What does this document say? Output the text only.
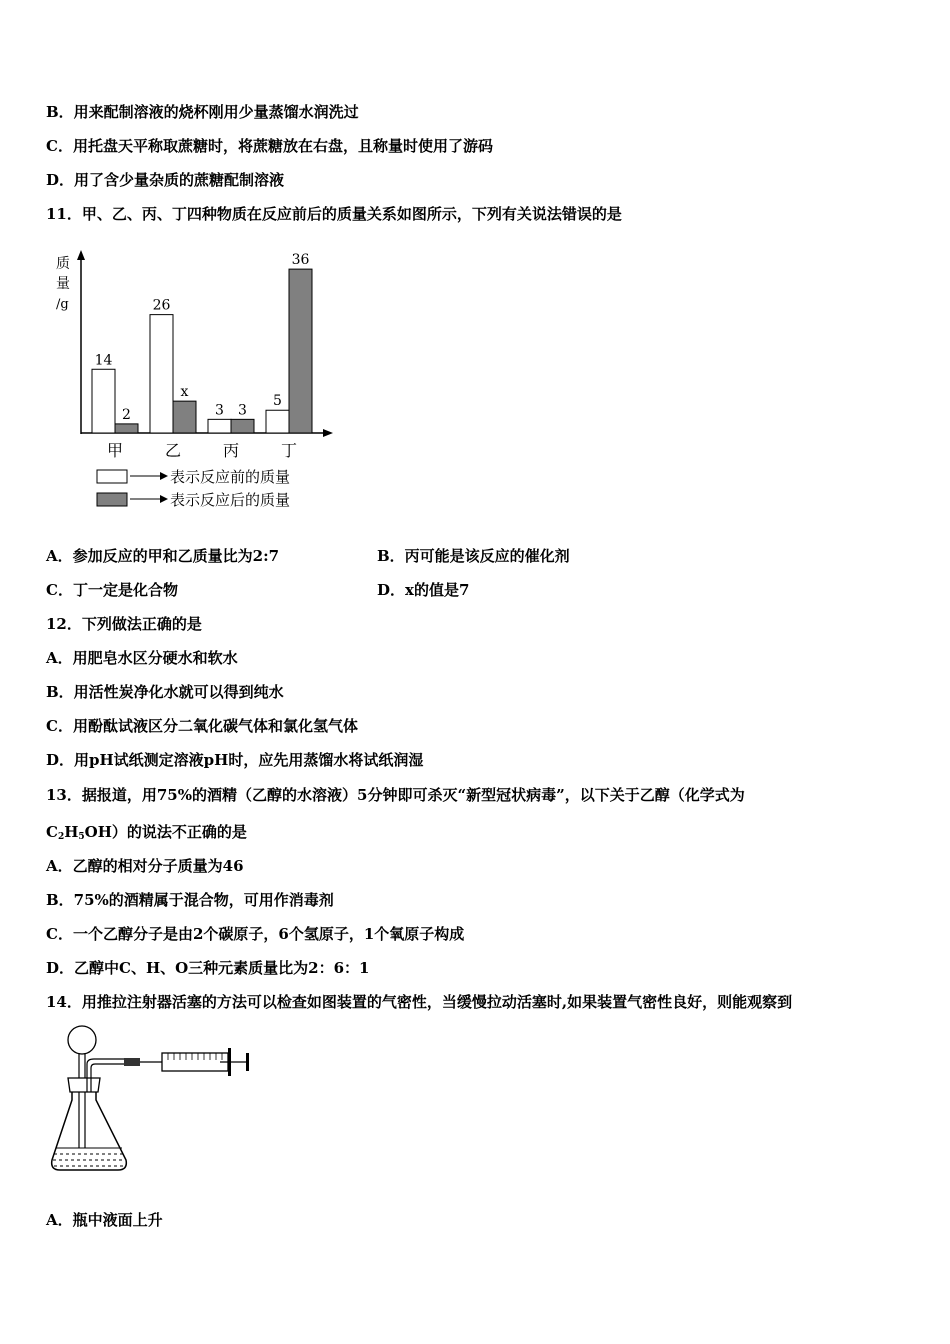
B．用来配制溶液的烧杯刚用少量蒸馏水润洗过
C．用托盘天平称取蔗糖时，将蔗糖放在右盘，且称量时使用了游码
D．用了含少量杂质的蔗糖配制溶液
11．甲、乙、丙、丁四种物质在反应前后的质量关系如图所示，下列有关说法错误的是
质
量
/g
14
2
26
x
3 3
5
36
甲	乙	丙	丁
表示反应前的质量
表示反应后的质量
A．参加反应的甲和乙质量比为2:7	B．丙可能是该反应的催化剂
C．丁一定是化合物	D．x的值是7
12．下列做法正确的是
A．用肥皂水区分硬水和软水
B．用活性炭净化水就可以得到纯水
C．用酚酞试液区分二氧化碳气体和氯化氢气体
D．用pH试纸测定溶液pH时，应先用蒸馏水将试纸润湿
13．据报道，用75%的酒精（乙醇的水溶液）5分钟即可杀灭“新型冠状病毒”，以下关于乙醇（化学式为
$C_2H_5OH$）的说法不正确的是
A．乙醇的相对分子质量为46
B．75%的酒精属于混合物，可用作消毒剂
C．一个乙醇分子是由2个碳原子，6个氢原子，1个氧原子构成
D．乙醇中C、H、O三种元素质量比为2：6：1
14．用推拉注射器活塞的方法可以检查如图装置的气密性，当缓慢拉动活塞时,如果装置气密性良好，则能观察到
A．瓶中液面上升
